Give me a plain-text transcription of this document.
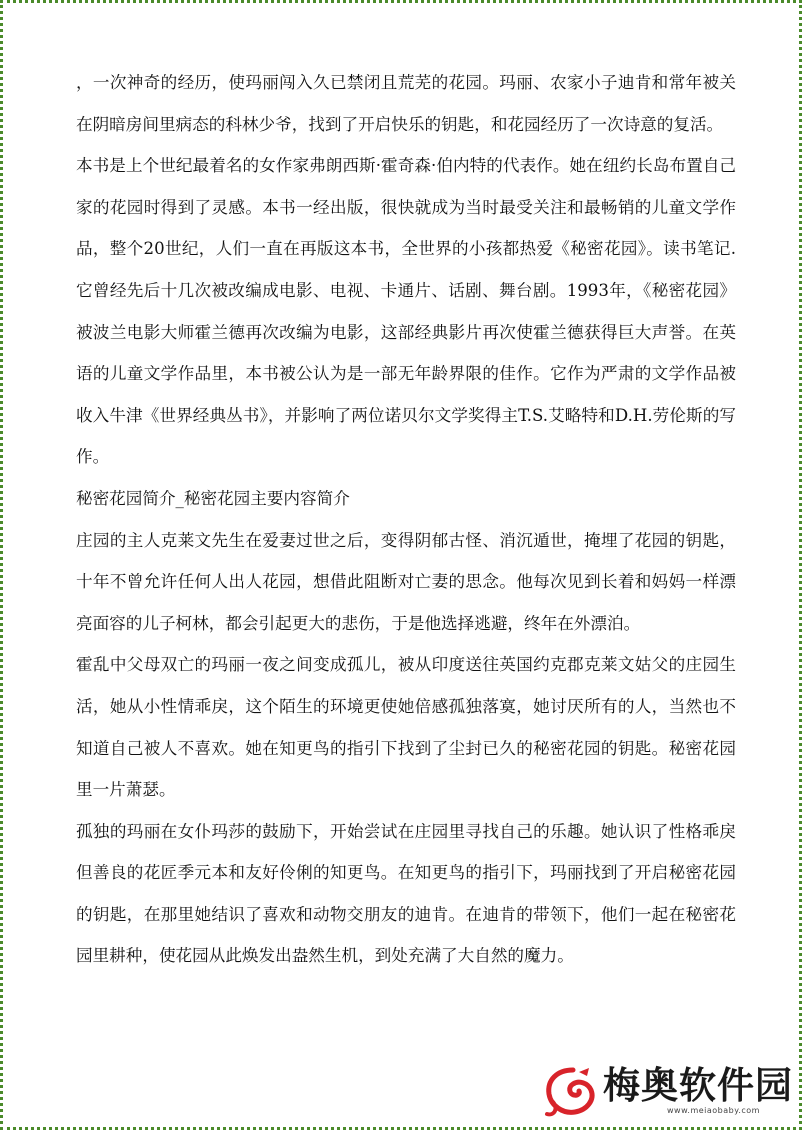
，一次神奇的经历，使玛丽闯入久已禁闭且荒芜的花园。玛丽、农家小子迪肯和常年被关在阴暗房间里病态的科林少爷，找到了开启快乐的钥匙，和花园经历了一次诗意的复活。

本书是上个世纪最着名的女作家弗朗西斯·霍奇森·伯内特的代表作。她在纽约长岛布置自己家的花园时得到了灵感。本书一经出版，很快就成为当时最受关注和最畅销的儿童文学作品，整个20世纪，人们一直在再版这本书，全世界的小孩都热爱《秘密花园》。读书笔记.它曾经先后十几次被改编成电影、电视、卡通片、话剧、舞台剧。1993年，《秘密花园》被波兰电影大师霍兰德再次改编为电影，这部经典影片再次使霍兰德获得巨大声誉。在英语的儿童文学作品里，本书被公认为是一部无年龄界限的佳作。它作为严肃的文学作品被收入牛津《世界经典丛书》，并影响了两位诺贝尔文学奖得主T.S.艾略特和D.H.劳伦斯的写作。

秘密花园简介_秘密花园主要内容简介

庄园的主人克莱文先生在爱妻过世之后，变得阴郁古怪、消沉遁世，掩埋了花园的钥匙，十年不曾允许任何人出人花园，想借此阻断对亡妻的思念。他每次见到长着和妈妈一样漂亮面容的儿子柯林，都会引起更大的悲伤，于是他选择逃避，终年在外漂泊。

霍乱中父母双亡的玛丽一夜之间变成孤儿，被从印度送往英国约克郡克莱文姑父的庄园生活，她从小性情乖戾，这个陌生的环境更使她倍感孤独落寞，她讨厌所有的人，当然也不知道自己被人不喜欢。她在知更鸟的指引下找到了尘封已久的秘密花园的钥匙。秘密花园里一片萧瑟。

孤独的玛丽在女仆玛莎的鼓励下，开始尝试在庄园里寻找自己的乐趣。她认识了性格乖戾但善良的花匠季元本和友好伶俐的知更鸟。在知更鸟的指引下，玛丽找到了开启秘密花园的钥匙，在那里她结识了喜欢和动物交朋友的迪肯。在迪肯的带领下，他们一起在秘密花园里耕种，使花园从此焕发出盎然生机，到处充满了大自然的魔力。

梅奥软件园
www.meiaobaby.com
